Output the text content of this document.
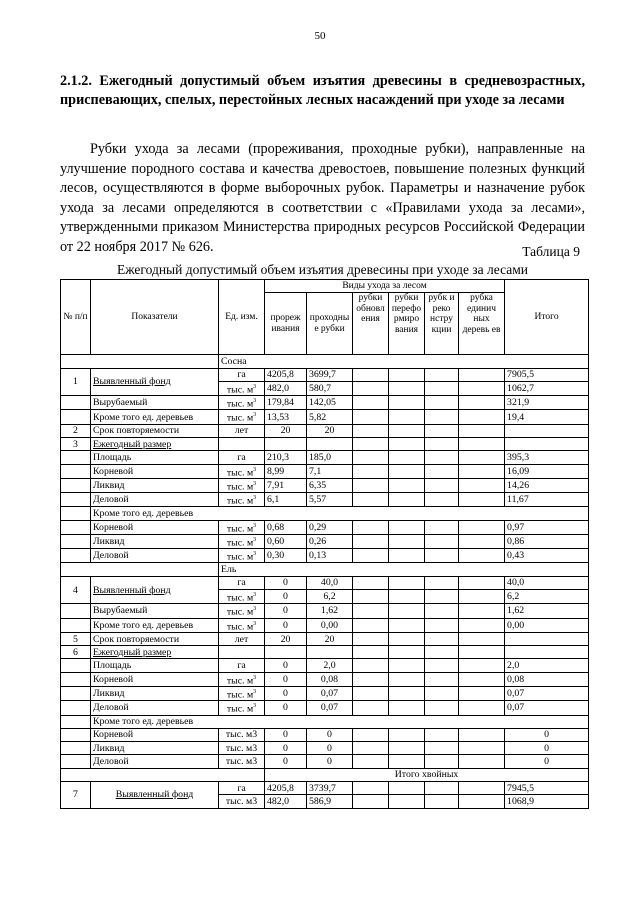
50
2.1.2. Ежегодный допустимый объем изъятия древесины в средневозрастных, приспевающих, спелых, перестойных лесных насаждений при уходе за лесами
Рубки ухода за лесами (прореживания, проходные рубки), направленные на улучшение породного состава и качества древостоев, повышение полезных функций лесов, осуществляются в форме выборочных рубок. Параметры и назначение рубок ухода за лесами определяются в соответствии с «Правилами ухода за лесами», утвержденными приказом Министерства природных ресурсов Российской Федерации от 22 ноября 2017 № 626.	Таблица 9
Ежегодный допустимый объем изъятия древесины при уходе за лесами
№ п/п	Показатели	Ед. изм.	Виды ухода за лесом						Итого
			прореж ивания	проходны е рубки	рубки обновл ения	рубки перефо рмиро вания	рубк и реко нстру кции	рубка единич ных деревь ев	
		Сосна							
1	Выявленный фонд	га	4205,8	3699,7					7905,5
		тыс. $м^3$	482,0	580,7					1062,7
	Вырубаемый	тыс. $м^3$	179,84	142,05					321,9
	Кроме того ед. деревьев	тыс. $м^3$	13,53	5,82					19,4
2	Срок повторяемости	лет	20	20					
3	Ежегодный размер								
	Площадь	га	210,3	185,0					395,3
	Корневой	тыс. $м^3$	8,99	7,1					16,09
	Ликвид	тыс. $м^3$	7,91	6,35					14,26
	Деловой	тыс. $м^3$	6,1	5,57					11,67
	Кроме того ед. деревьев								
	Корневой	тыс. $м^3$	0,68	0,29					0,97
	Ликвид	тыс. $м^3$	0,60	0,26					0,86
	Деловой	тыс. $м^3$	0,30	0,13					0,43
		Ель							
4	Выявленный фонд	га	0	40,0					40,0
		тыс. $м^3$	0	6,2					6,2
	Вырубаемый	тыс. $м^3$	0	1,62					1,62
	Кроме того ед. деревьев	тыс. $м^3$	0	0,00					0,00
5	Срок повторяемости	лет	20	20					
6	Ежегодный размер								
	Площадь	га	0	2,0					2,0
	Корневой	тыс. $м^3$	0	0,08					0,08
	Ликвид	тыс. $м^3$	0	0,07					0,07
	Деловой	тыс. $м^3$	0	0,07					0,07
	Кроме того ед. деревьев								
	Корневой	тыс. м3	0	0					0
	Ликвид	тыс. м3	0	0					0
	Деловой	тыс. м3	0	0					0
			Итого хвойных						
7	Выявленный фонд	га	4205,8	3739,7					7945,5
		тыс. м3	482,0	586,9					1068,9
